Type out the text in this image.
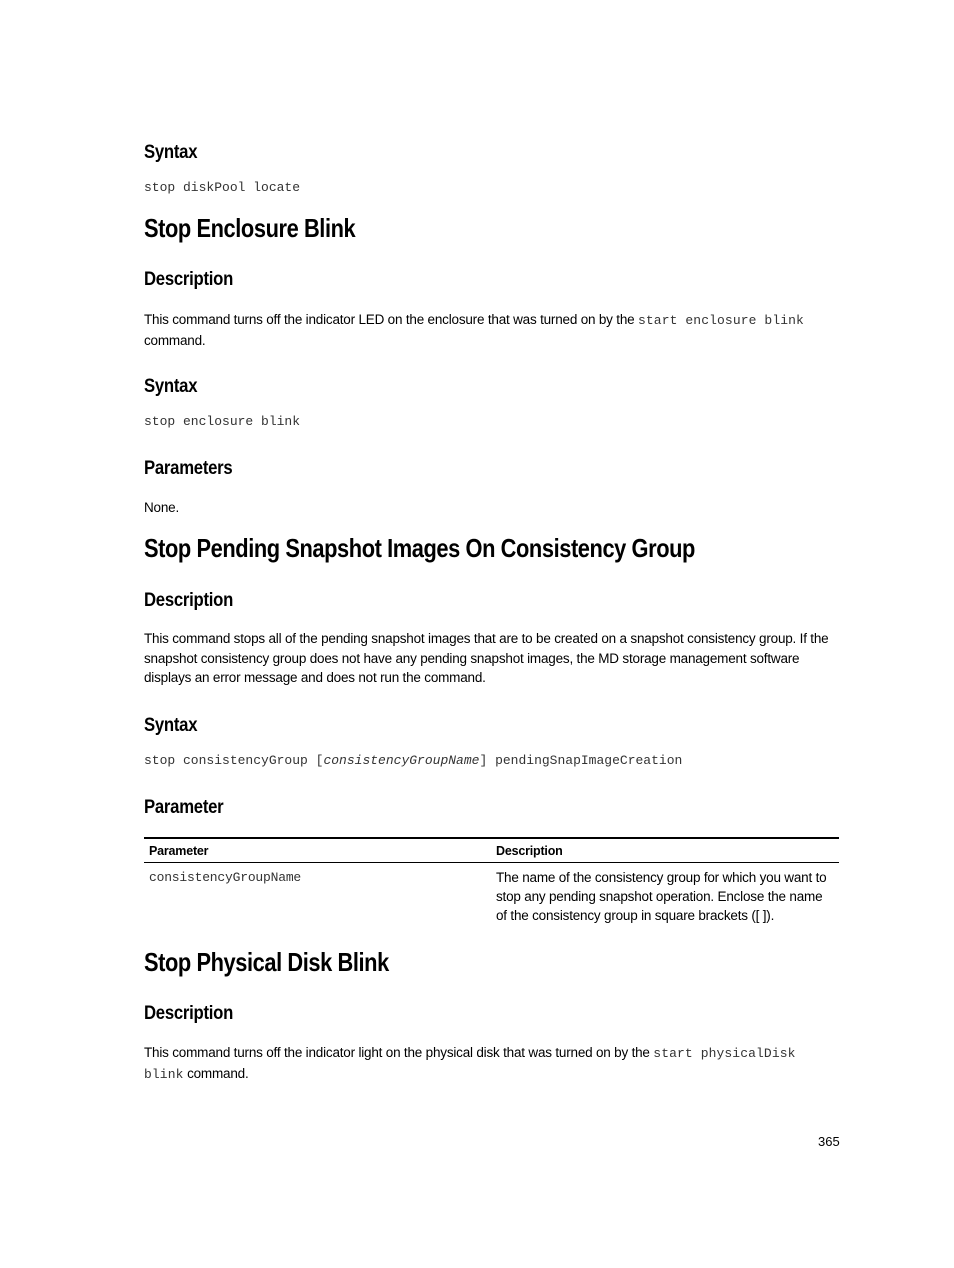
Syntax
stop diskPool locate
Stop Enclosure Blink
Description

This command turns off the indicator LED on the enclosure that was turned on by the start enclosure blink
command.

Syntax
stop enclosure blink
Parameters

None.

Stop Pending Snapshot Images On Consistency Group
Description

This command stops all of the pending snapshot images that are to be created on a snapshot consistency group. If the snapshot consistency group does not have any pending snapshot images, the MD storage management software displays an error message and does not run the command.

Syntax
stop consistencyGroup [consistencyGroupName] pendingSnapImageCreation
Parameter
Parameter	Description
consistencyGroupName	The name of the consistency group for which you want to stop any pending snapshot operation. Enclose the name of the consistency group in square brackets ([ ]).
Stop Physical Disk Blink
Description

This command turns off the indicator light on the physical disk that was turned on by the start physicalDisk blink command.

365
